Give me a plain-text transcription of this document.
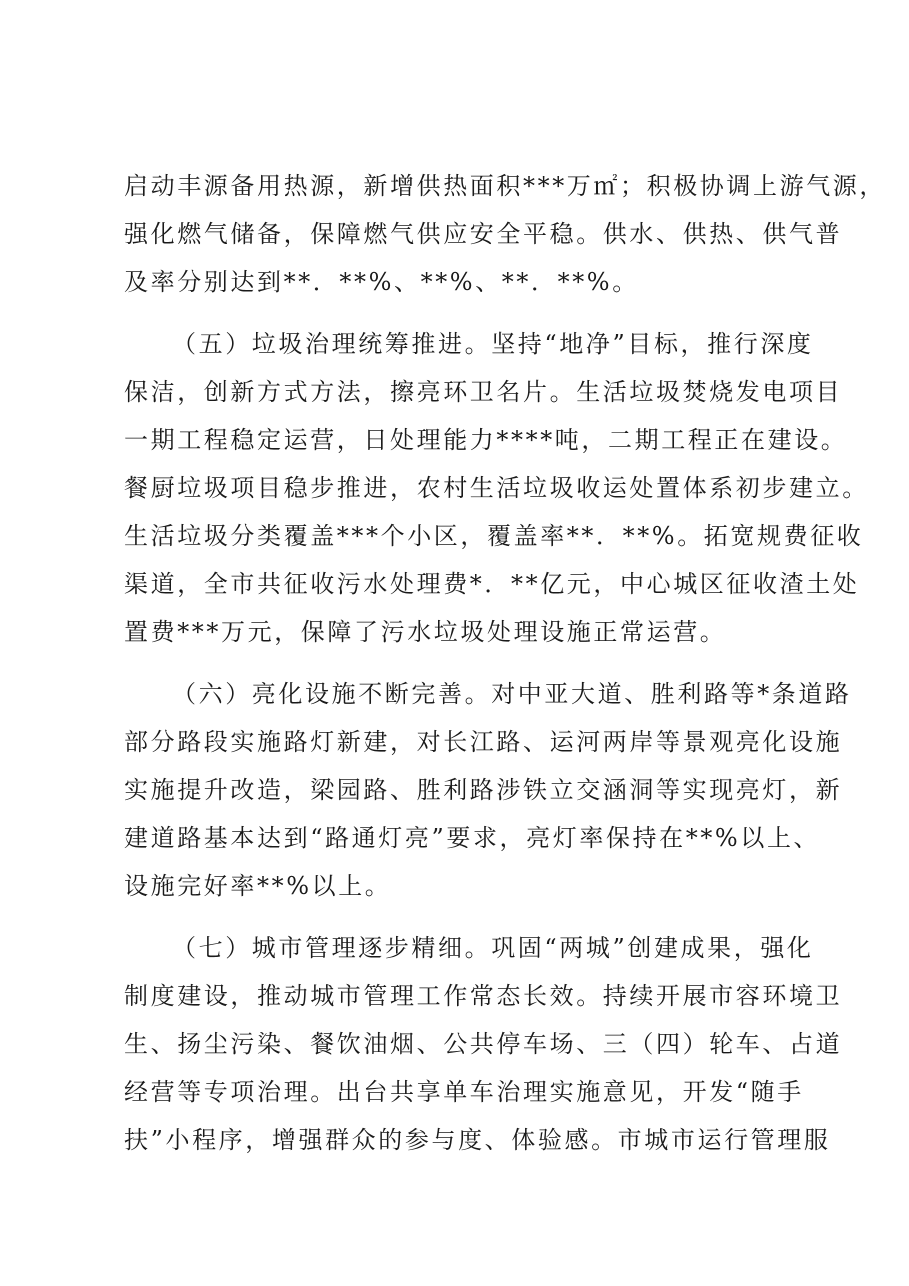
启动丰源备用热源，新增供热面积***万㎡；积极协调上游气源，
强化燃气储备，保障燃气供应安全平稳。供水、供热、供气普
及率分别达到**．**%、**%、**．**%。
（五）垃圾治理统筹推进。坚持“地净”目标，推行深度
保洁，创新方式方法，擦亮环卫名片。生活垃圾焚烧发电项目
一期工程稳定运营，日处理能力****吨，二期工程正在建设。
餐厨垃圾项目稳步推进，农村生活垃圾收运处置体系初步建立。
生活垃圾分类覆盖***个小区，覆盖率**．**%。拓宽规费征收
渠道，全市共征收污水处理费*．**亿元，中心城区征收渣土处
置费***万元，保障了污水垃圾处理设施正常运营。
（六）亮化设施不断完善。对中亚大道、胜利路等*条道路
部分路段实施路灯新建，对长江路、运河两岸等景观亮化设施
实施提升改造，梁园路、胜利路涉铁立交涵洞等实现亮灯，新
建道路基本达到“路通灯亮”要求，亮灯率保持在**%以上、
设施完好率**%以上。
（七）城市管理逐步精细。巩固“两城”创建成果，强化
制度建设，推动城市管理工作常态长效。持续开展市容环境卫
生、扬尘污染、餐饮油烟、公共停车场、三（四）轮车、占道
经营等专项治理。出台共享单车治理实施意见，开发“随手
扶”小程序，增强群众的参与度、体验感。市城市运行管理服
